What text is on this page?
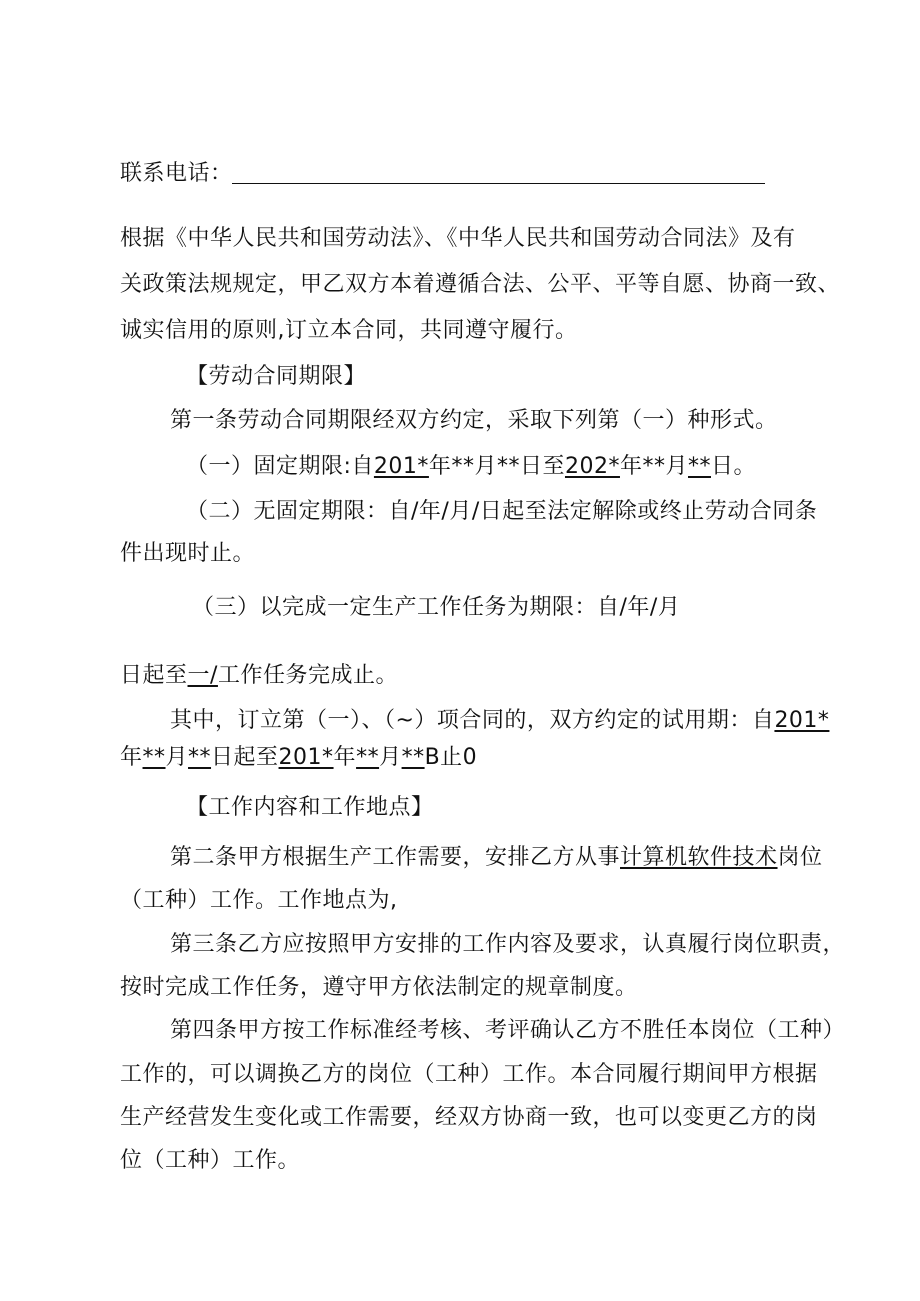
联系电话：
根据《中华人民共和国劳动法》、《中华人民共和国劳动合同法》及有
关政策法规规定，甲乙双方本着遵循合法、公平、平等自愿、协商一致、
诚实信用的原则,订立本合同，共同遵守履行。
【劳动合同期限】
第一条劳动合同期限经双方约定，采取下列第（一）种形式。
（一）固定期限:自201*年**月**日至202*年**月**日。
（二）无固定期限：自/年/月/日起至法定解除或终止劳动合同条
件出现时止。
（三）以完成一定生产工作任务为期限：自/年/月
日起至一/工作任务完成止。
其中，订立第（一）、（~）项合同的，双方约定的试用期：自201*
年**月**日起至201*年**月**B止0
【工作内容和工作地点】
第二条甲方根据生产工作需要，安排乙方从事计算机软件技术岗位
（工种）工作。工作地点为,
第三条乙方应按照甲方安排的工作内容及要求，认真履行岗位职责，
按时完成工作任务，遵守甲方依法制定的规章制度。
第四条甲方按工作标准经考核、考评确认乙方不胜任本岗位（工种）
工作的，可以调换乙方的岗位（工种）工作。本合同履行期间甲方根据
生产经营发生变化或工作需要，经双方协商一致，也可以变更乙方的岗
位（工种）工作。
